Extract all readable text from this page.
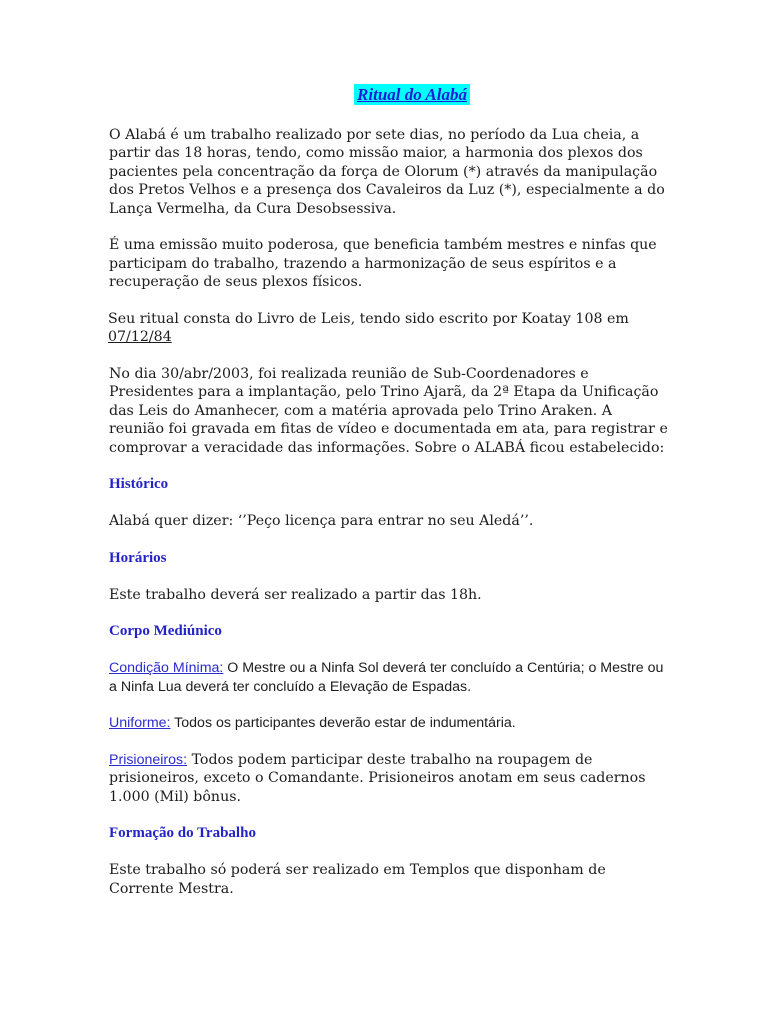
Ritual do Alabá

O Alabá é um trabalho realizado por sete dias, no período da Lua cheia, a partir das 18 horas, tendo, como missão maior, a harmonia dos plexos dos pacientes pela concentração da força de Olorum (*) através da manipulação dos Pretos Velhos e a presença dos Cavaleiros da Luz (*), especialmente a do Lança Vermelha, da Cura Desobsessiva.

É uma emissão muito poderosa, que beneficia também mestres e ninfas que participam do trabalho, trazendo a harmonização de seus espíritos e a recuperação de seus plexos físicos.

Seu ritual consta do Livro de Leis, tendo sido escrito por Koatay 108 em 07/12/84

No dia 30/abr/2003, foi realizada reunião de Sub-Coordenadores e Presidentes para a implantação, pelo Trino Ajarã, da 2ª Etapa da Unificação das Leis do Amanhecer, com a matéria aprovada pelo Trino Araken. A reunião foi gravada em fitas de vídeo e documentada em ata, para registrar e comprovar a veracidade das informações. Sobre o ALABÁ ficou estabelecido:

Histórico

Alabá quer dizer: ‘’Peço licença para entrar no seu Aledá’’.

Horários

Este trabalho deverá ser realizado a partir das 18h.

Corpo Mediúnico

Condição Mínima: O Mestre ou a Ninfa Sol deverá ter concluído a Centúria; o Mestre ou a Ninfa Lua deverá ter concluído a Elevação de Espadas.

Uniforme: Todos os participantes deverão estar de indumentária.

Prisioneiros: Todos podem participar deste trabalho na roupagem de prisioneiros, exceto o Comandante. Prisioneiros anotam em seus cadernos 1.000 (Mil) bônus.

Formação do Trabalho

Este trabalho só poderá ser realizado em Templos que disponham de Corrente Mestra.
